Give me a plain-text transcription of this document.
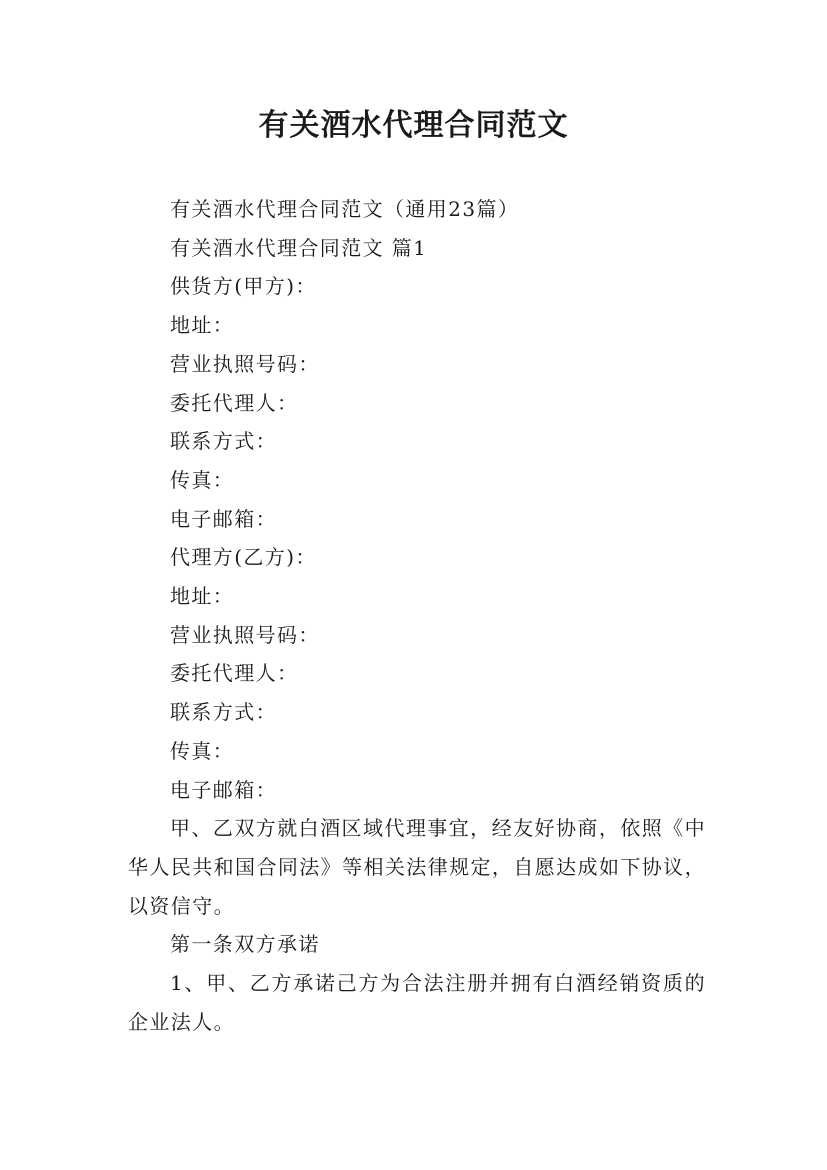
有关酒水代理合同范文

有关酒水代理合同范文（通用23篇）

有关酒水代理合同范文 篇1

供货方(甲方)：

地址：

营业执照号码：

委托代理人：

联系方式：

传真：

电子邮箱：

代理方(乙方)：

地址：

营业执照号码：

委托代理人：

联系方式：

传真：

电子邮箱：

甲、乙双方就白酒区域代理事宜，经友好协商，依照《中华人民共和国合同法》等相关法律规定，自愿达成如下协议，以资信守。

第一条双方承诺

1、甲、乙方承诺己方为合法注册并拥有白酒经销资质的企业法人。
